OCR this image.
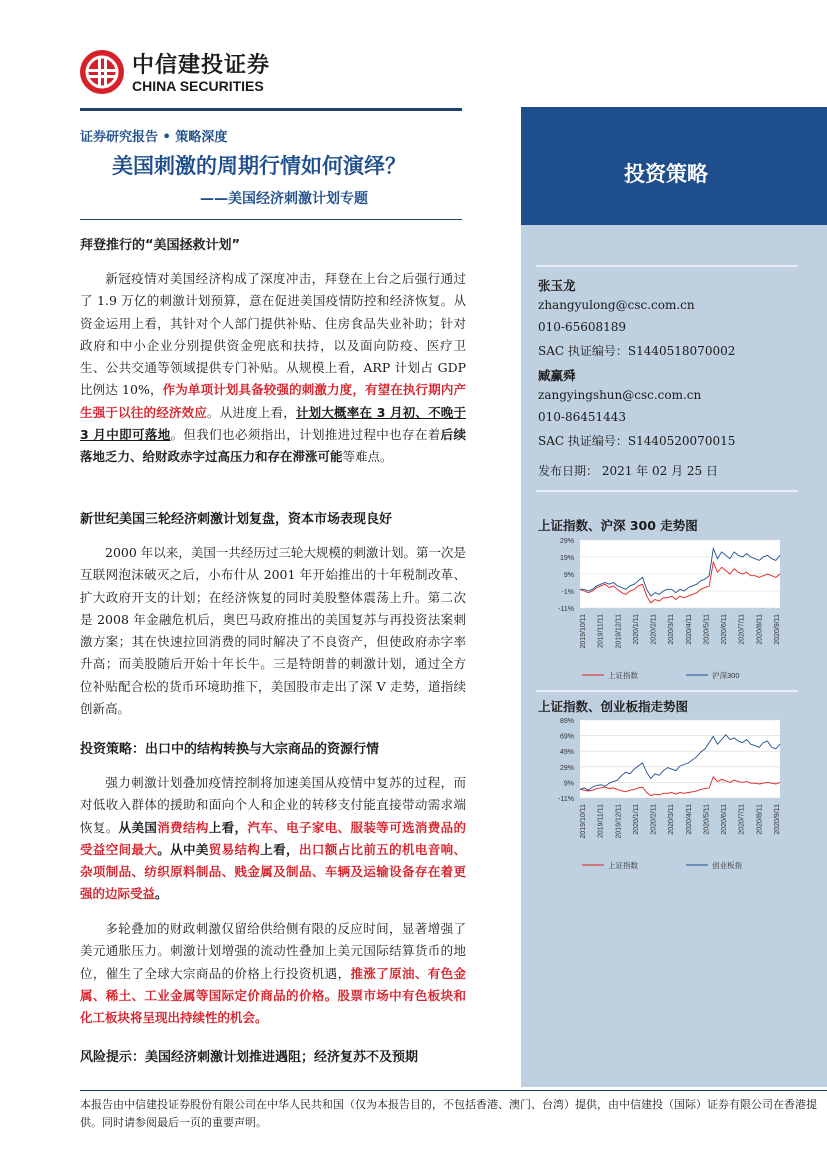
中信建投证券
CHINA SECURITIES
证券研究报告 • 策略深度
美国刺激的周期行情如何演绎？
——美国经济刺激计划专题
投资策略
张玉龙
zhangyulong@csc.com.cn
010-65608189
SAC 执证编号：S1440518070002
臧赢舜
zangyingshun@csc.com.cn
010-86451443
SAC 执证编号：S1440520070015
发布日期： 2021 年 02 月 25 日
上证指数、沪深 300 走势图
29%
19%
9%
-1%
-11%
2019/10/11 2019/11/11 2019/12/11 2020/1/11 2020/2/11 2020/3/11 2020/4/11 2020/5/11 2020/6/11 2020/7/11 2020/8/11 2020/9/11
上证指数	沪深300
上证指数、创业板指走势图
89%
69%
49%
29%
9%
-11%
2019/10/11 2019/11/11 2019/12/11 2020/1/11 2020/2/11 2020/3/11 2020/4/11 2020/5/11 2020/6/11 2020/7/11 2020/8/11 2020/9/11
上证指数	创业板指
拜登推行的“美国拯救计划”
新冠疫情对美国经济构成了深度冲击，拜登在上台之后强行通过了 1.9 万亿的刺激计划预算，意在促进美国疫情防控和经济恢复。从资金运用上看，其针对个人部门提供补贴、住房食品失业补助；针对政府和中小企业分别提供资金兜底和扶持，以及面向防疫、医疗卫生、公共交通等领域提供专门补贴。从规模上看，ARP 计划占 GDP 比例达 10%，作为单项计划具备较强的刺激力度，有望在执行期内产生强于以往的经济效应。从进度上看，计划大概率在 3 月初、不晚于 3 月中即可落地。但我们也必须指出，计划推进过程中也存在着后续落地乏力、给财政赤字过高压力和存在滞涨可能等难点。
新世纪美国三轮经济刺激计划复盘，资本市场表现良好
2000 年以来，美国一共经历过三轮大规模的刺激计划。第一次是互联网泡沫破灭之后，小布什从 2001 年开始推出的十年税制改革、扩大政府开支的计划；在经济恢复的同时美股整体震荡上升。第二次是 2008 年金融危机后，奥巴马政府推出的美国复苏与再投资法案刺激方案；其在快速拉回消费的同时解决了不良资产，但使政府赤字率升高；而美股随后开始十年长牛。三是特朗普的刺激计划，通过全方位补贴配合松的货币环境助推下，美国股市走出了深 V 走势，道指续创新高。
投资策略：出口中的结构转换与大宗商品的资源行情
强力刺激计划叠加疫情控制将加速美国从疫情中复苏的过程，而对低收入群体的援助和面向个人和企业的转移支付能直接带动需求端恢复。从美国消费结构上看，汽车、电子家电、服装等可选消费品的受益空间最大。从中美贸易结构上看，出口额占比前五的机电音响、杂项制品、纺织原料制品、贱金属及制品、车辆及运输设备存在着更强的边际受益。
多轮叠加的财政刺激仅留给供给侧有限的反应时间，显著增强了美元通胀压力。刺激计划增强的流动性叠加上美元国际结算货币的地位，催生了全球大宗商品的价格上行投资机遇，推涨了原油、有色金属、稀土、工业金属等国际定价商品的价格。股票市场中有色板块和化工板块将呈现出持续性的机会。
风险提示：美国经济刺激计划推进遇阻；经济复苏不及预期
本报告由中信建投证券股份有限公司在中华人民共和国（仅为本报告目的，不包括香港、澳门、台湾）提供，由中信建投（国际）证券有限公司在香港提供。同时请参阅最后一页的重要声明。
